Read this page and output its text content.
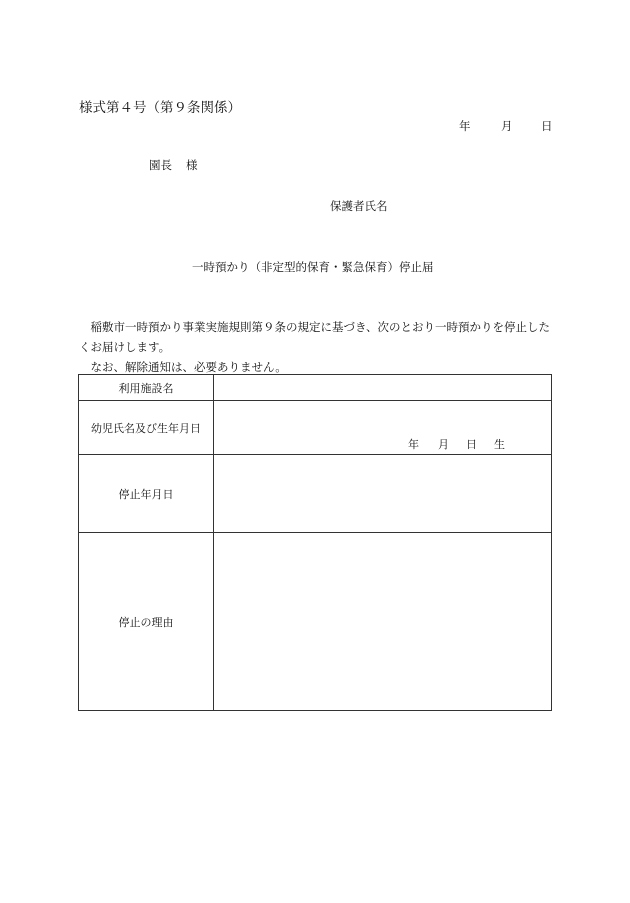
様式第４号（第９条関係）
年	月 日
園長 様
保護者氏名
一時預かり（非定型的保育・緊急保育）停止届

稲敷市一時預かり事業実施規則第９条の規定に基づき、次のとおり一時預かりを停止したくお届けします。

なお、解除通知は、必要ありません。

利用施設名	
幼児氏名及び生年月日	年 月 日 生

停止年月日	
停止の理由	
